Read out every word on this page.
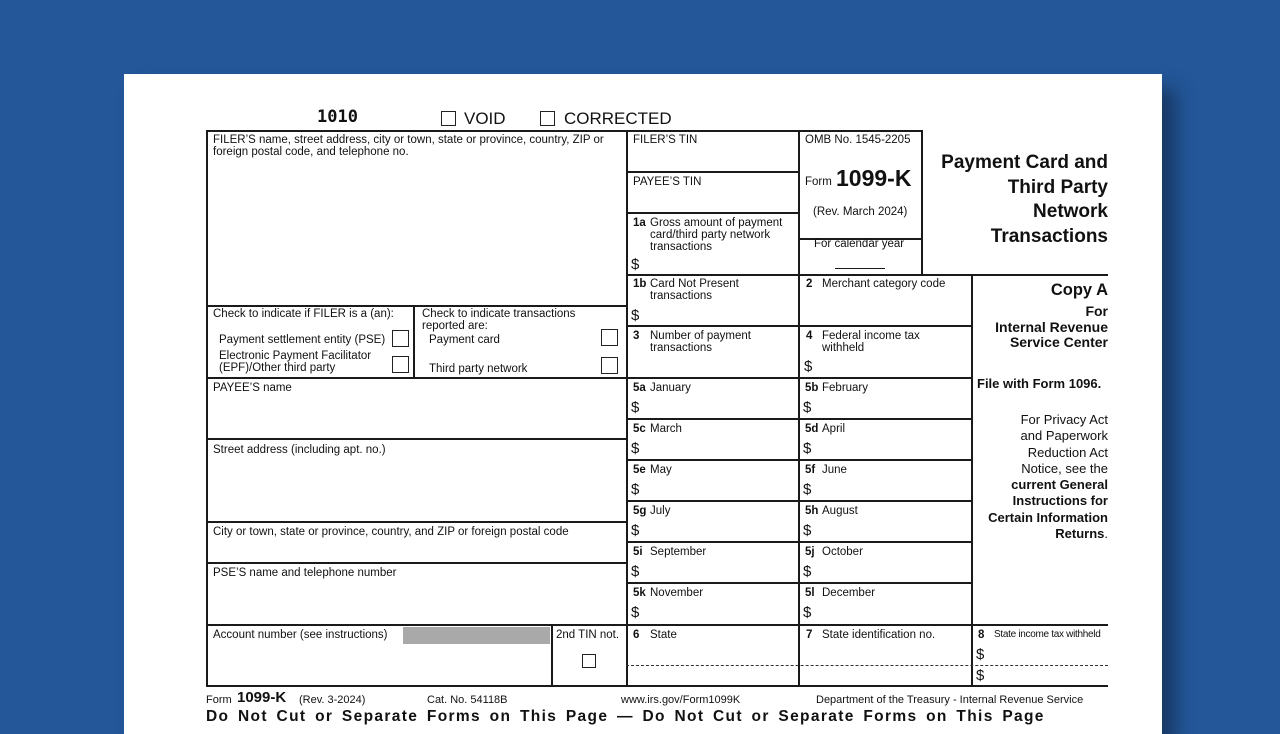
1010	VOID	CORRECTED
FILER’S name, street address, city or town, state or province, country, ZIP or foreign postal code, and telephone no.
Check to indicate if FILER is a (an):
Payment settlement entity (PSE)
Electronic Payment Facilitator (EPF)/Other third party
Check to indicate transactions reported are:
Payment card
Third party network
PAYEE’S name
Street address (including apt. no.)
City or town, state or province, country, and ZIP or foreign postal code
PSE’S name and telephone number
Account number (see instructions)	2nd TIN not.
FILER’S TIN
PAYEE’S TIN
1a Gross amount of payment card/third party network transactions
$
1b Card Not Present transactions
$
2 Merchant category code
3 Number of payment transactions
4 Federal income tax withheld
$
5a January
$
5b February
$
5c March
$
5d April
$
5e May
$
5f June
$
5g July
$
5h August
$
5i September
$
5j October
$
5k November
$
5l December
$
6 State	7 State identification no.	8 State income tax withheld
$
$
OMB No. 1545-2205
Form 1099-K
(Rev. March 2024)
For calendar year
Payment Card and
Third Party
Network
Transactions
Copy A
For
Internal Revenue
Service Center
File with Form 1096.
For Privacy Act
and Paperwork
Reduction Act
Notice, see the
current General
Instructions for
Certain Information
Returns.
Form 1099-K (Rev. 3-2024)	Cat. No. 54118B	www.irs.gov/Form1099K	Department of the Treasury - Internal Revenue Service
Do Not Cut or Separate Forms on This Page — Do Not Cut or Separate Forms on This Page
